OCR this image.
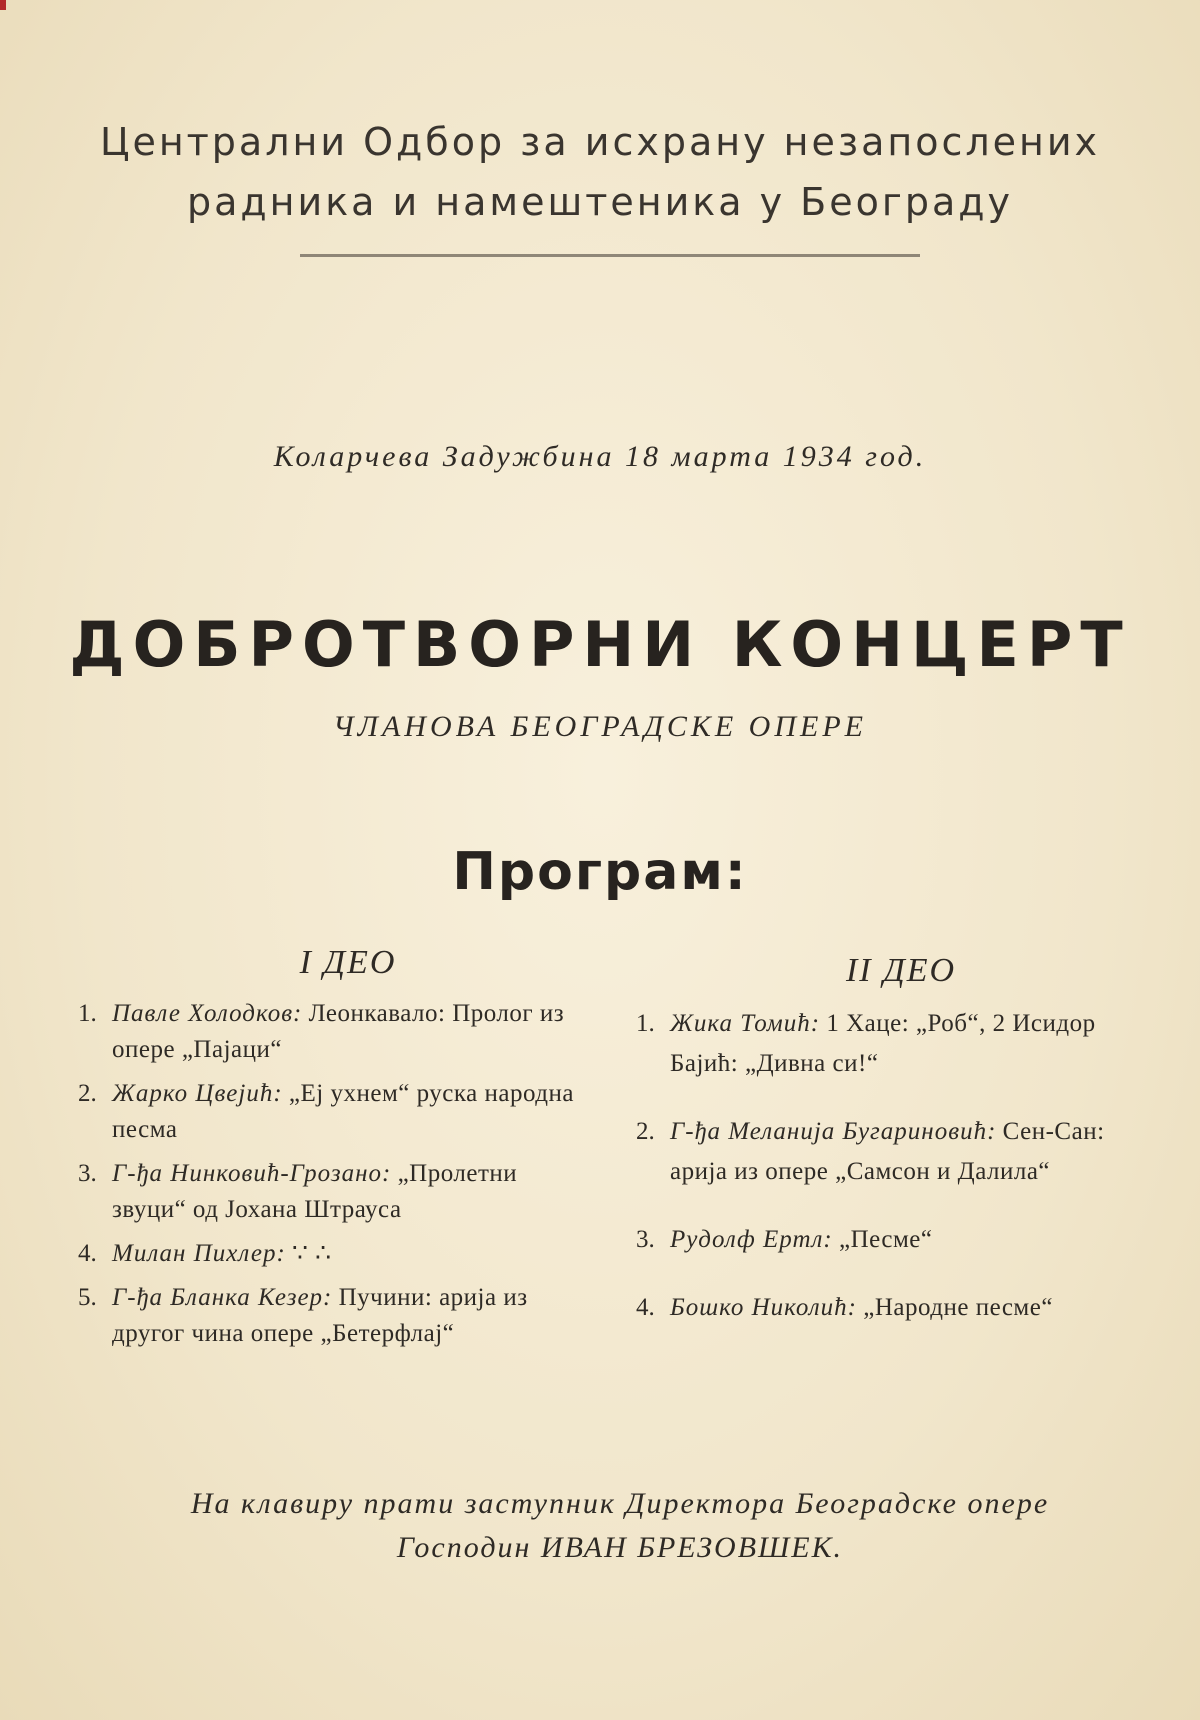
Централни Одбор за исхрану незапослених
радника и намештеника у Београду
Коларчева Задужбина 18 марта 1934 год.
ДОБРОТВОРНИ КОНЦЕРТ
ЧЛАНОВА БЕОГРАДСКЕ ОПЕРЕ
Програм:
I ДЕО
1. Павле Холодков: Леонкавало: Пролог из опере „Пајаци“
2. Жарко Цвејић: „Еј ухнем“ руска народна песма
3. Г-ђа Нинковић-Грозано: „Пролетни звуци“ од Јохана Штрауса
4. Милан Пихлер: ∵ ∴
5. Г-ђа Бланка Кезер: Пучини: арија из другог чина опере „Бетерфлај“
II ДЕО
1. Жика Томић: 1 Хаце: „Роб“, 2 Исидор Бајић: „Дивна си!“
2. Г-ђа Меланија Бугариновић: Сен-Сан: арија из опере „Самсон и Далила“
3. Рудолф Ертл: „Песме“
4. Бошко Николић: „Народне песме“
На клавиру прати заступник Директора Београдске опере
Господин ИВАН БРЕЗОВШЕК.
